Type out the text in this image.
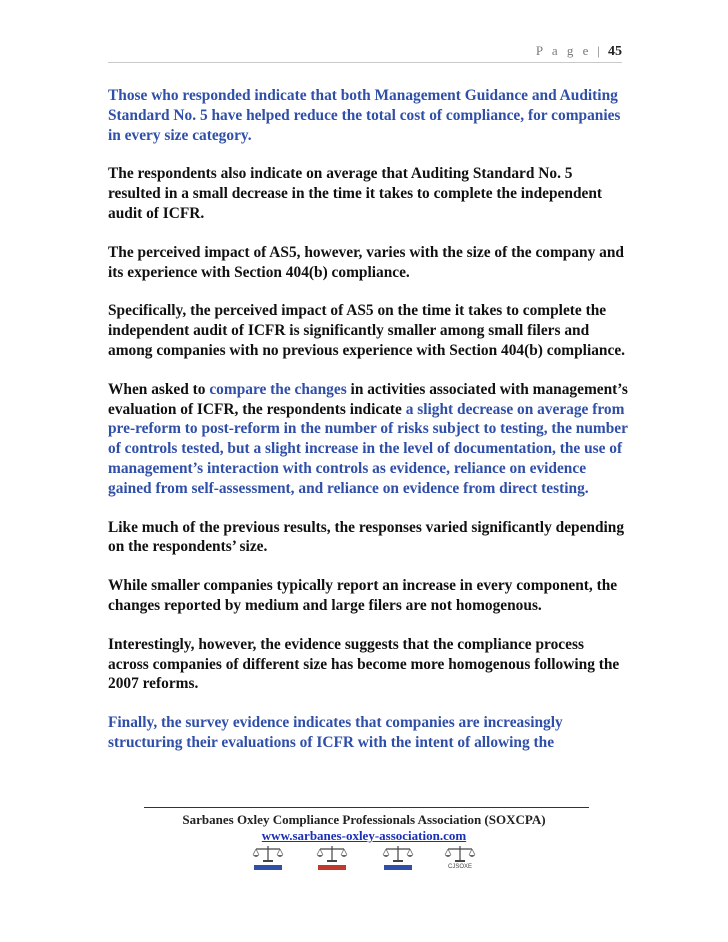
P a g e | 45

Those who responded indicate that both Management Guidance and Auditing Standard No. 5 have helped reduce the total cost of compliance, for companies in every size category.

The respondents also indicate on average that Auditing Standard No. 5 resulted in a small decrease in the time it takes to complete the independent audit of ICFR.

The perceived impact of AS5, however, varies with the size of the company and its experience with Section 404(b) compliance.

Specifically, the perceived impact of AS5 on the time it takes to complete the independent audit of ICFR is significantly smaller among small filers and among companies with no previous experience with Section 404(b) compliance.

When asked to compare the changes in activities associated with management’s evaluation of ICFR, the respondents indicate a slight decrease on average from pre-reform to post-reform in the number of risks subject to testing, the number of controls tested, but a slight increase in the level of documentation, the use of management’s interaction with controls as evidence, reliance on evidence gained from self-assessment, and reliance on evidence from direct testing.

Like much of the previous results, the responses varied significantly depending on the respondents’ size.

While smaller companies typically report an increase in every component, the changes reported by medium and large filers are not homogenous.

Interestingly, however, the evidence suggests that the compliance process across companies of different size has become more homogenous following the 2007 reforms.

Finally, the survey evidence indicates that companies are increasingly structuring their evaluations of ICFR with the intent of allowing the

Sarbanes Oxley Compliance Professionals Association (SOXCPA)
www.sarbanes-oxley-association.com
CJSOXE
